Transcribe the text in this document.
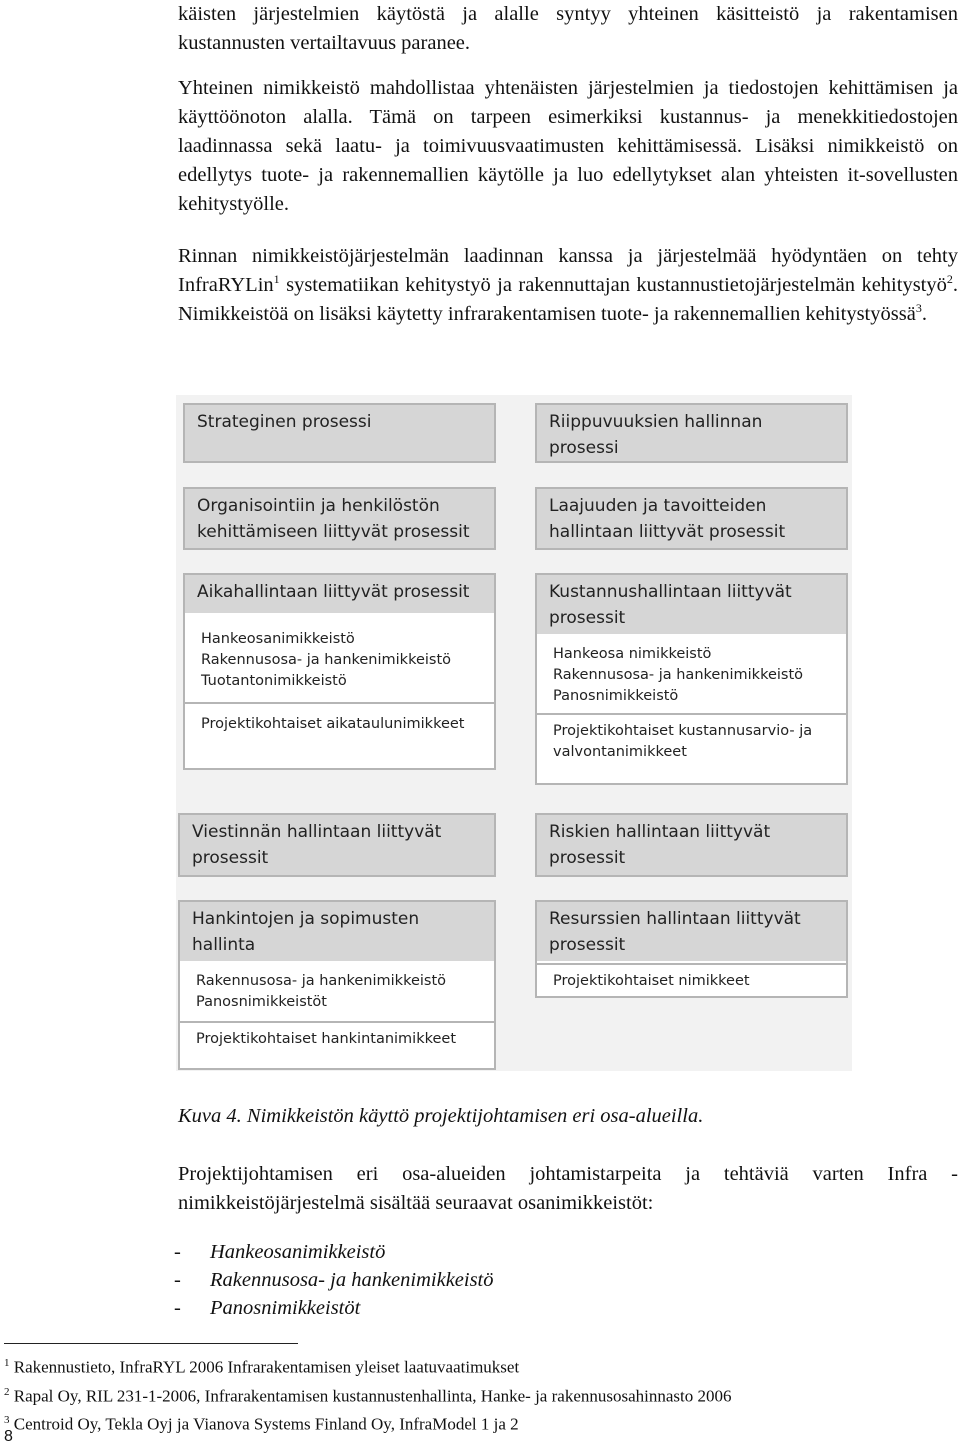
käisten järjestelmien käytöstä ja alalle syntyy yhteinen käsitteistö ja rakentamisen kustannusten vertailtavuus paranee.

Yhteinen nimikkeistö mahdollistaa yhtenäisten järjestelmien ja tiedostojen kehittämisen ja käyttöönoton alalla. Tämä on tarpeen esimerkiksi kustannus- ja menekkitiedostojen laadinnassa sekä laatu- ja toimivuusvaatimusten kehittämisessä. Lisäksi nimikkeistö on edellytys tuote- ja rakennemallien käytölle ja luo edellytykset alan yhteisten it-sovellusten kehitystyölle.

Rinnan nimikkeistöjärjestelmän laadinnan kanssa ja järjestelmää hyödyntäen on tehty InfraRYLin$^1$ systematiikan kehitystyö ja rakennuttajan kustannustietojärjestelmän kehitystyö$^2$. Nimikkeistöä on lisäksi käytetty infrarakentamisen tuote- ja rakennemallien kehitystyössä$^3$.

Strateginen prosessi	Riippuvuuksien hallinnan
prosessi
Organisointiin ja henkilöstön
kehittämiseen liittyvät prosessit
Laajuuden ja tavoitteiden
hallintaan liittyvät prosessit
Aikahallintaan liittyvät prosessit
Hankeosanimikkeistö
Rakennusosa- ja hankenimikkeistö
Tuotantonimikkeistö
Projektikohtaiset aikataulunimikkeet
Kustannushallintaan liittyvät
prosessit
Hankeosa nimikkeistö
Rakennusosa- ja hankenimikkeistö
Panosnimikkeistö
Projektikohtaiset kustannusarvio- ja
valvontanimikkeet
Viestinnän hallintaan liittyvät
prosessit
Riskien hallintaan liittyvät
prosessit
Hankintojen ja sopimusten
hallinta
Rakennusosa- ja hankenimikkeistö
Panosnimikkeistöt
Projektikohtaiset hankintanimikkeet
Resurssien hallintaan liittyvät
prosessit
Projektikohtaiset nimikkeet
Kuva 4. Nimikkeistön käyttö projektijohtamisen eri osa-alueilla.

Projektijohtamisen eri osa-alueiden johtamistarpeita ja tehtäviä varten Infra -nimikkeistöjärjestelmä sisältää seuraavat osanimikkeistöt:

- Hankeosanimikkeistö
- Rakennusosa- ja hankenimikkeistö
- Panosnimikkeistöt
$^1$ Rakennustieto, InfraRYL 2006 Infrarakentamisen yleiset laatuvaatimukset
$^2$ Rapal Oy, RIL 231-1-2006, Infrarakentamisen kustannustenhallinta, Hanke- ja rakennusosahinnasto 2006
$^3$ Centroid Oy, Tekla Oyj ja Vianova Systems Finland Oy, InfraModel 1 ja 2
8
